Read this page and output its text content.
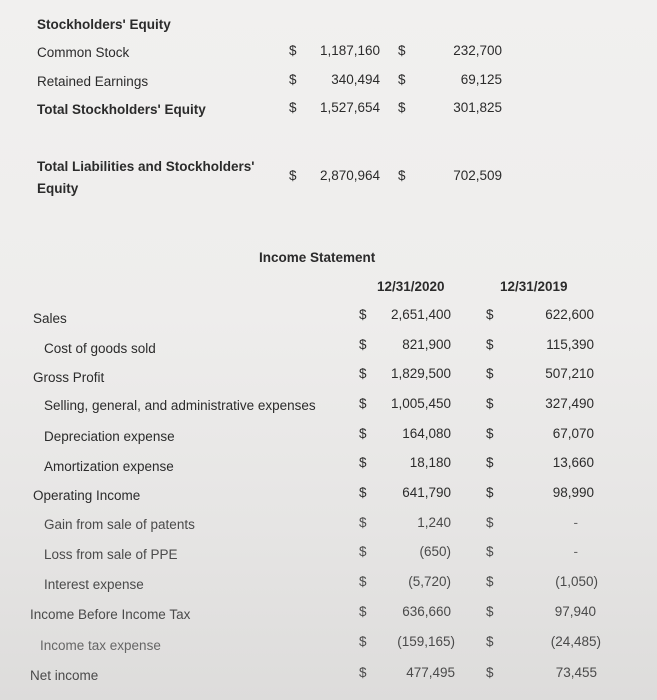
Stockholders' Equity
Common Stock	$	1,187,160 $	232,700
Retained Earnings	$	340,494 $	69,125
Total Stockholders' Equity	$	1,527,654 $	301,825
Total Liabilities and Stockholders'
Equity
$	2,870,964 $	702,509
Income Statement
12/31/2020	12/31/2019
Sales	$	2,651,400	$	622,600
Cost of goods sold	$	821,900	$	115,390
Gross Profit	$	1,829,500	$	507,210
Selling, general, and administrative expenses	$	1,005,450	$	327,490
Depreciation expense	$	164,080	$	67,070
Amortization expense	$	18,180	$	13,660
Operating Income	$	641,790	$	98,990
Gain from sale of patents	$	1,240	$	-
Loss from sale of PPE	$	(650)	$	-
Interest expense	$	(5,720)	$	(1,050)
Income Before Income Tax	$	636,660	$	97,940
Income tax expense	$	(159,165) $	(24,485)
Net income	$	477,495 $	73,455
